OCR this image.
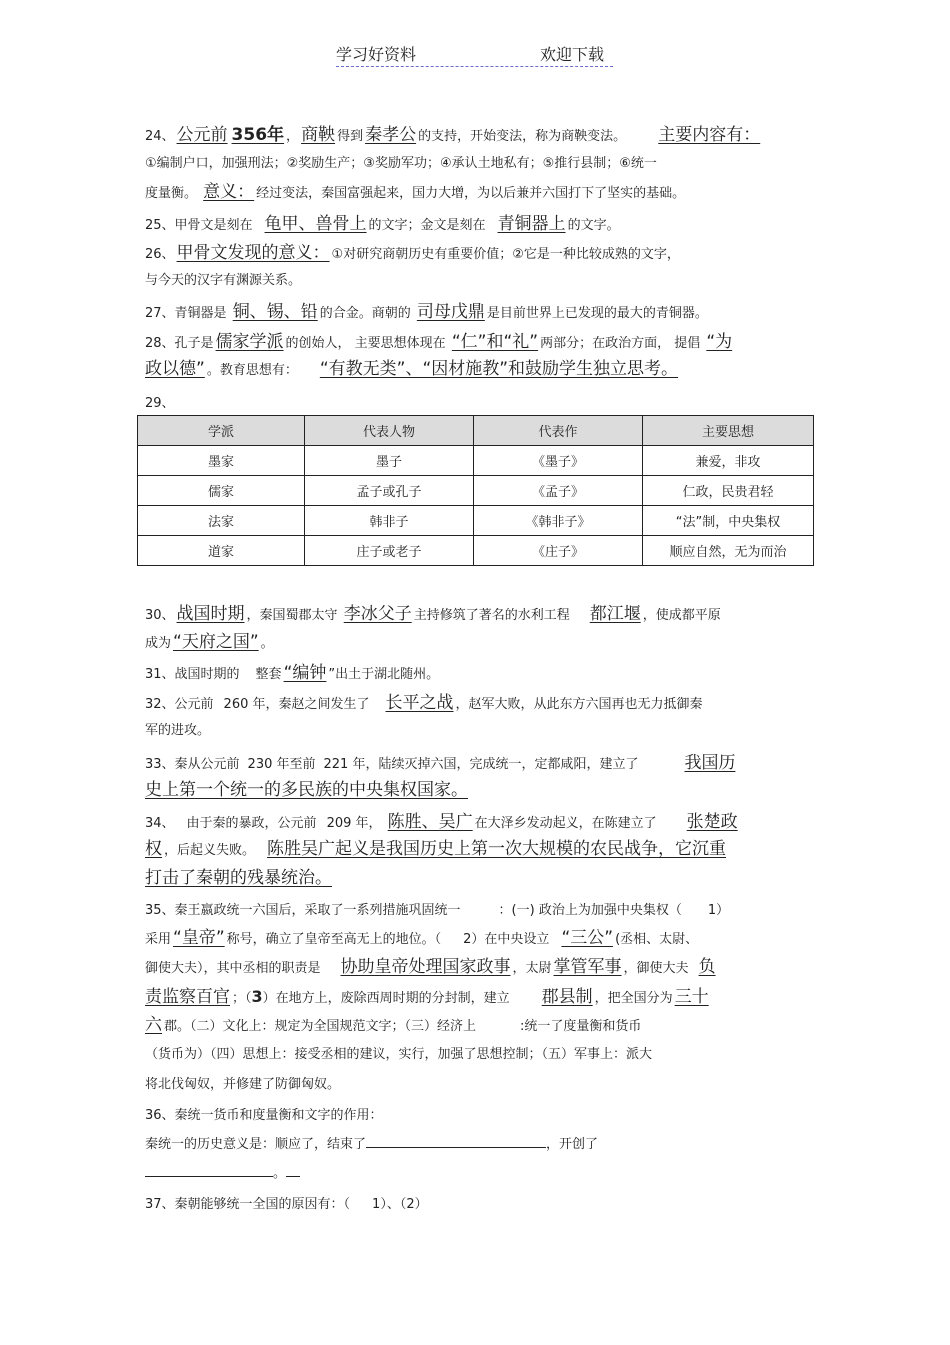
学习好资料	欢迎下载
24、 公元前 356年 ， 商鞅 得到 秦孝公 的支持，开始变法，称为商鞅变法。 主要内容有：
①编制户口，加强刑法；②奖励生产；③奖励军功；④承认土地私有；⑤推行县制；⑥统一
度量衡。 意义： 经过变法，秦国富强起来，国力大增，为以后兼并六国打下了坚实的基础。
25、甲骨文是刻在 龟甲、兽骨上 的文字；金文是刻在 青铜器上 的文字。
26、 甲骨文发现的意义： ①对研究商朝历史有重要价值；②它是一种比较成熟的文字，
与今天的汉字有渊源关系。
27、青铜器是 铜、锡、铅 的合金。商朝的 司母戊鼎 是目前世界上已发现的最大的青铜器。
28、孔子是 儒家学派 的创始人， 主要思想体现在 “仁”和“礼” 两部分；在政治方面， 提倡 “为
政以德” 。教育思想有： “有教无类”、“因材施教”和鼓励学生独立思考。
29、
学派	代表人物	代表作	主要思想
墨家	墨子	《墨子》	兼爱，非攻
儒家	孟子或孔子	《孟子》	仁政，民贵君轻
法家	韩非子	《韩非子》	“法”制，中央集权
道家	庄子或老子	《庄子》	顺应自然，无为而治
30、 战国时期 ，秦国蜀郡太守 李冰父子 主持修筑了著名的水利工程 都江堰 ，使成都平原
成为 “天府之国” 。
31、战国时期的 整套 “编钟 ”出土于湖北随州。
32、公元前 260 年，秦赵之间发生了 长平之战 ，赵军大败，从此东方六国再也无力抵御秦
军的进攻。
33、秦从公元前 230 年至前 221 年，陆续灭掉六国，完成统一，定都咸阳，建立了	我国历
史上第一个统一的多民族的中央集权国家。
34、 由于秦的暴政，公元前 209 年， 陈胜、吴广 在大泽乡发动起义，在陈建立了 张楚政
权 ，后起义失败。 陈胜吴广起义是我国历史上第一次大规模的农民战争，它沉重
打击了秦朝的残暴统治。
35、秦王嬴政统一六国后，采取了一系列措施巩固统一	：(一) 政治上为加强中央集权（ 1）
采用 “皇帝” 称号，确立了皇帝至高无上的地位。（ 2）在中央设立 “三公” (丞相、太尉、
御使大夫），其中丞相的职责是 协助皇帝处理国家政事 ，太尉 掌管军事 ，御使大夫 负
责监察百官 ；（3）在地方上，废除西周时期的分封制，建立 郡县制 ，把全国分为 三十
六 郡。（二）文化上：规定为全国规范文字；（三）经济上	:统一了度量衡和货币
（货币为）（四）思想上：接受丞相的建议，实行，加强了思想控制；（五）军事上：派大
将北伐匈奴，并修建了防御匈奴。
36、秦统一货币和度量衡和文字的作用：
秦统一的历史意义是：顺应了，结束了	，开创了
。
37、秦朝能够统一全国的原因有：（ 1）、（2）
